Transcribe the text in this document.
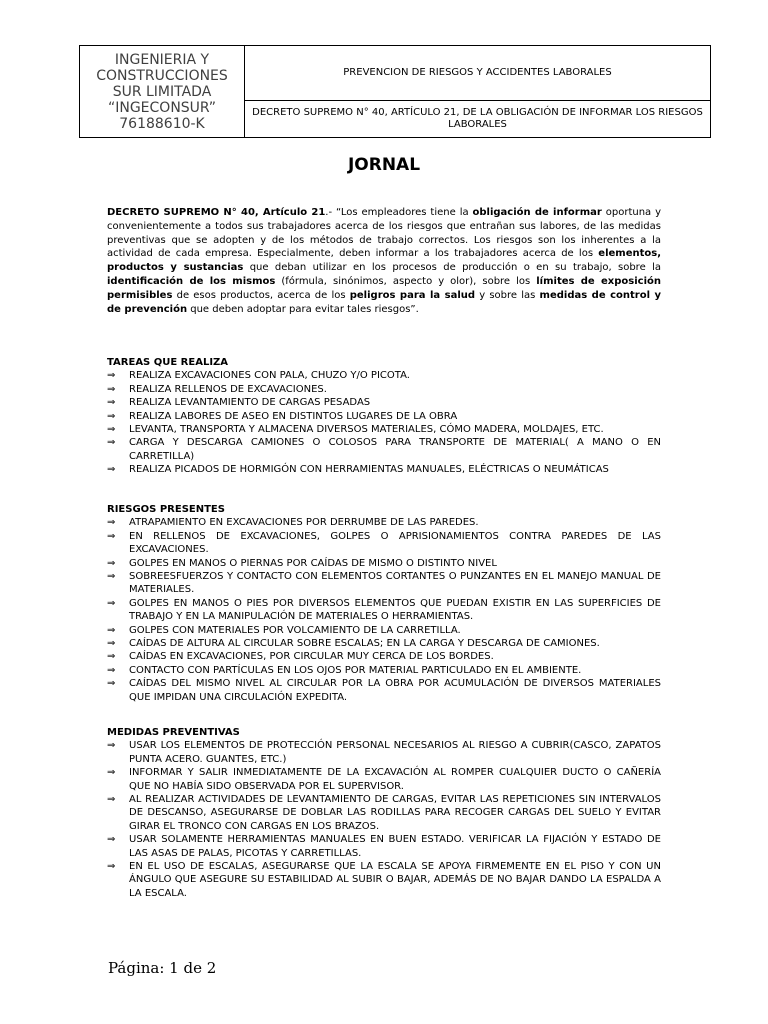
INGENIERIA Y
CONSTRUCCIONES
SUR LIMITADA
“INGECONSUR”
76188610-K
	PREVENCION DE RIESGOS Y ACCIDENTES LABORALES
DECRETO SUPREMO N° 40, ARTÍCULO 21, DE LA OBLIGACIÓN DE INFORMAR LOS RIESGOS LABORALES
JORNAL

DECRETO SUPREMO N° 40, Artículo 21.- “Los empleadores tiene la obligación de informar oportuna y convenientemente a todos sus trabajadores acerca de los riesgos que entrañan sus labores, de las medidas preventivas que se adopten y de los métodos de trabajo correctos. Los riesgos son los inherentes a la actividad de cada empresa. Especialmente, deben informar a los trabajadores acerca de los elementos, productos y sustancias que deban utilizar en los procesos de producción o en su trabajo, sobre la identificación de los mismos (fórmula, sinónimos, aspecto y olor), sobre los límites de exposición permisibles de esos productos, acerca de los peligros para la salud y sobre las medidas de control y de prevención que deben adoptar para evitar tales riesgos”.

TAREAS QUE REALIZA

⇒ REALIZA EXCAVACIONES CON PALA, CHUZO Y/O PICOTA.
⇒ REALIZA RELLENOS DE EXCAVACIONES.
⇒ REALIZA LEVANTAMIENTO DE CARGAS PESADAS
⇒ REALIZA LABORES DE ASEO EN DISTINTOS LUGARES DE LA OBRA
⇒ LEVANTA, TRANSPORTA Y ALMACENA DIVERSOS MATERIALES, CÓMO MADERA, MOLDAJES, ETC.
⇒ CARGA Y DESCARGA CAMIONES O COLOSOS PARA TRANSPORTE DE MATERIAL( A MANO O EN CARRETILLA)
⇒ REALIZA PICADOS DE HORMIGÓN CON HERRAMIENTAS MANUALES, ELÉCTRICAS O NEUMÁTICAS

RIESGOS PRESENTES

⇒ ATRAPAMIENTO EN EXCAVACIONES POR DERRUMBE DE LAS PAREDES.
⇒ EN RELLENOS DE EXCAVACIONES, GOLPES O APRISIONAMIENTOS CONTRA PAREDES DE LAS EXCAVACIONES.
⇒ GOLPES EN MANOS O PIERNAS POR CAÍDAS DE MISMO O DISTINTO NIVEL
⇒ SOBREESFUERZOS Y CONTACTO CON ELEMENTOS CORTANTES O PUNZANTES EN EL MANEJO MANUAL DE MATERIALES.
⇒ GOLPES EN MANOS O PIES POR DIVERSOS ELEMENTOS QUE PUEDAN EXISTIR EN LAS SUPERFICIES DE TRABAJO Y EN LA MANIPULACIÓN DE MATERIALES O HERRAMIENTAS.
⇒ GOLPES CON MATERIALES POR VOLCAMIENTO DE LA CARRETILLA.
⇒ CAÍDAS DE ALTURA AL CIRCULAR SOBRE ESCALAS; EN LA CARGA Y DESCARGA DE CAMIONES.
⇒ CAÍDAS EN EXCAVACIONES, POR CIRCULAR MUY CERCA DE LOS BORDES.
⇒ CONTACTO CON PARTÍCULAS EN LOS OJOS POR MATERIAL PARTICULADO EN EL AMBIENTE.
⇒ CAÍDAS DEL MISMO NIVEL AL CIRCULAR POR LA OBRA POR ACUMULACIÓN DE DIVERSOS MATERIALES QUE IMPIDAN UNA CIRCULACIÓN EXPEDITA.

MEDIDAS PREVENTIVAS

⇒ USAR LOS ELEMENTOS DE PROTECCIÓN PERSONAL NECESARIOS AL RIESGO A CUBRIR(CASCO, ZAPATOS PUNTA ACERO. GUANTES, ETC.)
⇒ INFORMAR Y SALIR INMEDIATAMENTE DE LA EXCAVACIÓN AL ROMPER CUALQUIER DUCTO O CAÑERÍA QUE NO HABÍA SIDO OBSERVADA POR EL SUPERVISOR.
⇒ AL REALIZAR ACTIVIDADES DE LEVANTAMIENTO DE CARGAS, EVITAR LAS REPETICIONES SIN INTERVALOS DE DESCANSO, ASEGURARSE DE DOBLAR LAS RODILLAS PARA RECOGER CARGAS DEL SUELO Y EVITAR GIRAR EL TRONCO CON CARGAS EN LOS BRAZOS.
⇒ USAR SOLAMENTE HERRAMIENTAS MANUALES EN BUEN ESTADO. VERIFICAR LA FIJACIÓN Y ESTADO DE LAS ASAS DE PALAS, PICOTAS Y CARRETILLAS.
⇒ EN EL USO DE ESCALAS, ASEGURARSE QUE LA ESCALA SE APOYA FIRMEMENTE EN EL PISO Y CON UN ÁNGULO QUE ASEGURE SU ESTABILIDAD AL SUBIR O BAJAR, ADEMÁS DE NO BAJAR DANDO LA ESPALDA A LA ESCALA.
Página: 1 de 2
